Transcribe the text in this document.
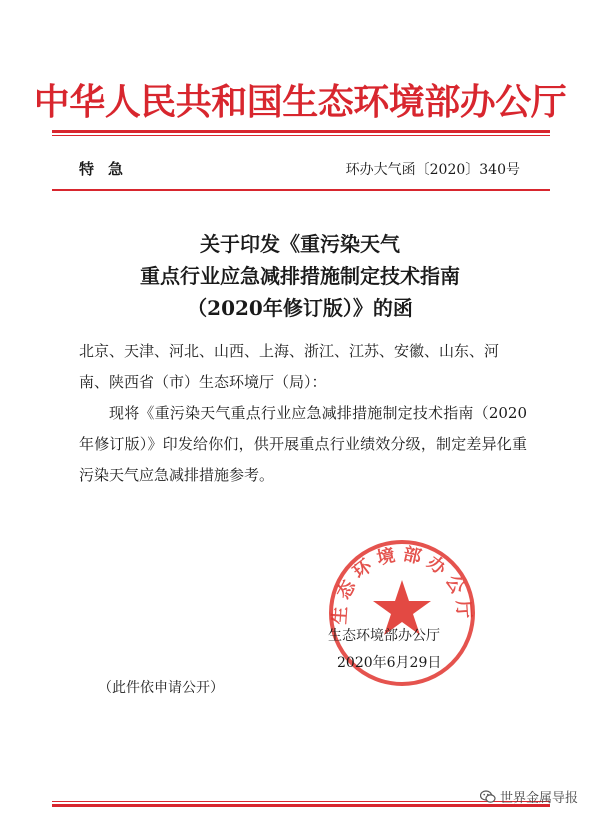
中华人民共和国生态环境部办公厅
特急	环办大气函〔2020〕340号
关于印发《重污染天气
重点行业应急减排措施制定技术指南
（2020年修订版）》的函

北京、天津、河北、山西、上海、浙江、江苏、安徽、山东、河

南、陕西省（市）生态环境厅（局）：

现将《重污染天气重点行业应急减排措施制定技术指南（2020年修订版）》印发给你们，供开展重点行业绩效分级，制定差异化重污染天气应急减排措施参考。

生态环境部办公厅
生态环境部办公厅
2020年6月29日
（此件依申请公开）
世界金属导报
